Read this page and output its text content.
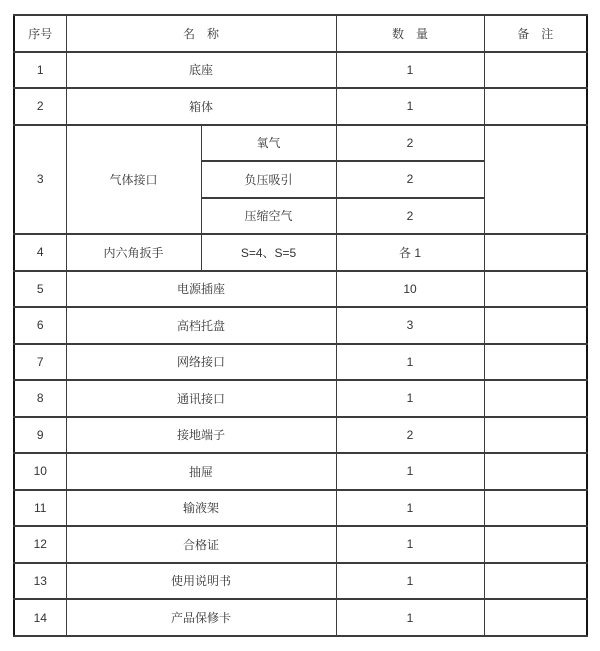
序号	名　称		数　量	备　注
1	底座		1	
2	箱体		1	
3	气体接口	氧气	2	
		负压吸引	2	
		压缩空气	2	
4	内六角扳手	S=4、S=5	各 1	
5	电源插座		10	
6	高档托盘		3	
7	网络接口		1	
8	通讯接口		1	
9	接地端子		2	
10	抽屉		1	
11	输液架		1	
12	合格证		1	
13	使用说明书		1	
14	产品保修卡		1	
